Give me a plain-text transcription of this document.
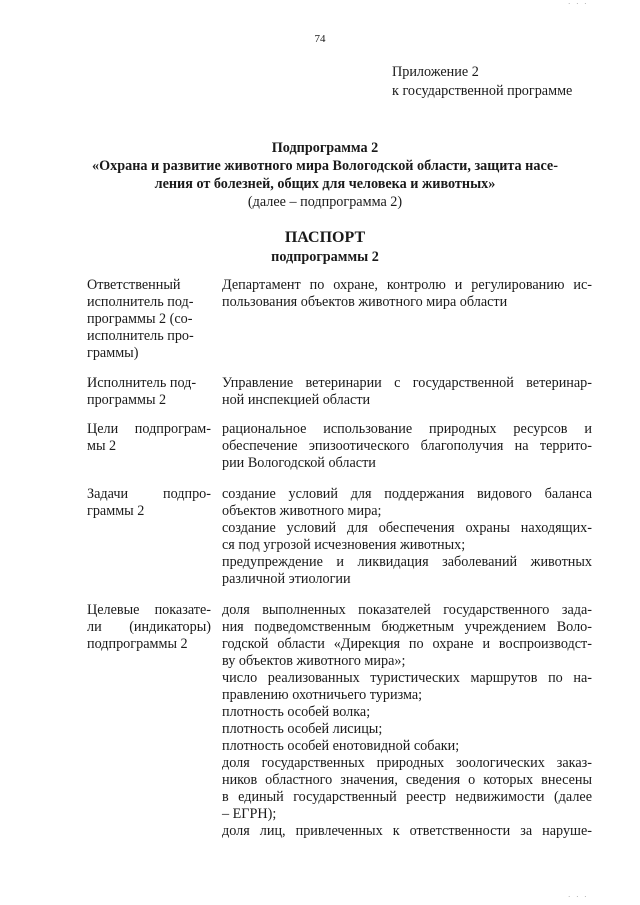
74
Приложение 2
к государственной программе
Подпрограмма 2
«Охрана и развитие животного мира Вологодской области, защита насе-
ления от болезней, общих для человека и животных»
(далее – подпрограмма 2)
ПАСПОРТ
подпрограммы 2
Ответственный
исполнитель под-
программы 2 (со-
исполнитель про-
граммы)
Департамент по охране, контролю и регулированию ис-
пользования объектов животного мира области
Исполнитель под-
программы 2
Управление ветеринарии с государственной ветеринар-
ной инспекцией области
Цели подпрограм-
мы 2
рациональное использование природных ресурсов и
обеспечение эпизоотического благополучия на террито-
рии Вологодской области
Задачи подпро-
граммы 2
создание условий для поддержания видового баланса
объектов животного мира;
создание условий для обеспечения охраны находящих-
ся под угрозой исчезновения животных;
предупреждение и ликвидация заболеваний животных
различной этиологии
Целевые показате-
ли (индикаторы)
подпрограммы 2
доля выполненных показателей государственного зада-
ния подведомственным бюджетным учреждением Воло-
годской области «Дирекция по охране и воспроизводст-
ву объектов животного мира»;
число реализованных туристических маршрутов по на-
правлению охотничьего туризма;
плотность особей волка;
плотность особей лисицы;
плотность особей енотовидной собаки;
доля государственных природных зоологических заказ-
ников областного значения, сведения о которых внесены
в единый государственный реестр недвижимости (далее
– ЕГРН);
доля лиц, привлеченных к ответственности за наруше-
· · ·
· · ·
